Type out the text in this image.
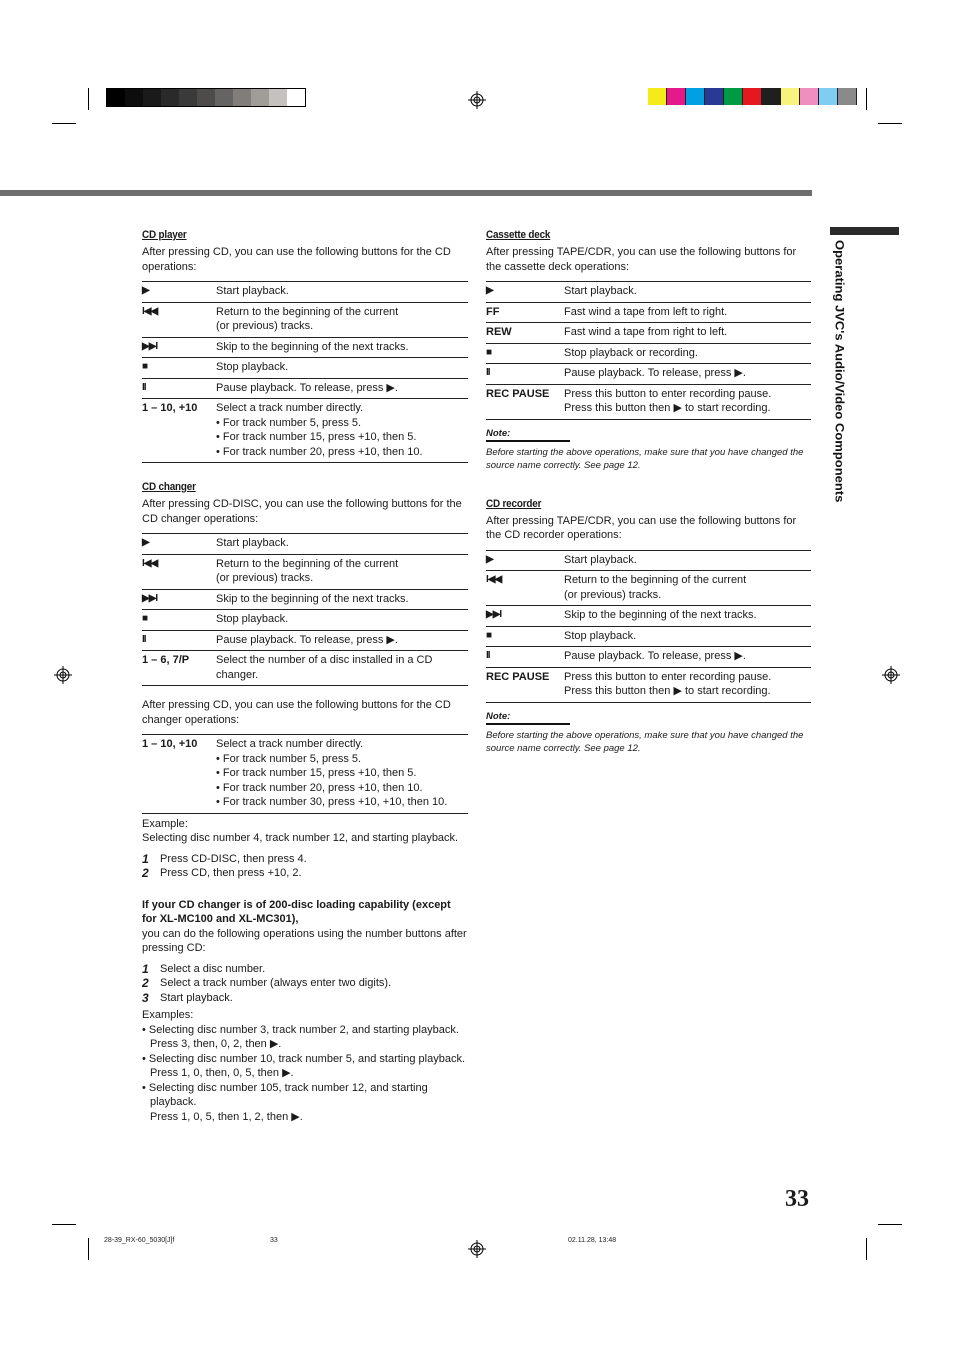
Operating JVC's Audio/Video Components
CD player

After pressing CD, you can use the following buttons for the CD operations:

▶	Start playback.

I◀◀	Return to the beginning of the current
(or previous) tracks.

▶▶I	Skip to the beginning of the next tracks.

■	Stop playback.

II	Pause playback. To release, press ▶.

1 – 10, +10	Select a track number directly.
• For track number 5, press 5.
• For track number 15, press +10, then 5.
• For track number 20, press +10, then 10.
CD changer

After pressing CD-DISC, you can use the following buttons for the CD changer operations:

▶	Start playback.

I◀◀	Return to the beginning of the current
(or previous) tracks.

▶▶I	Skip to the beginning of the next tracks.

■	Stop playback.

II	Pause playback. To release, press ▶.

1 – 6, 7/P	Select the number of a disc installed in a CD changer.

After pressing CD, you can use the following buttons for the CD changer operations:

1 – 10, +10	Select a track number directly.
• For track number 5, press 5.
• For track number 15, press +10, then 5.
• For track number 20, press +10, then 10.
• For track number 30, press +10, +10, then 10.

Example:

Selecting disc number 4, track number 12, and starting playback.

1	Press CD-DISC, then press 4.
2	Press CD, then press +10, 2.

If your CD changer is of 200-disc loading capability (except for XL-MC100 and XL-MC301),

you can do the following operations using the number buttons after pressing CD:

1	Select a disc number.
2	Select a track number (always enter two digits).
3	Start playback.

Examples:

• Selecting disc number 3, track number 2, and starting playback.
Press 3, then, 0, 2, then ▶.
• Selecting disc number 10, track number 5, and starting playback.
Press 1, 0, then, 0, 5, then ▶.
• Selecting disc number 105, track number 12, and starting playback.
Press 1, 0, 5, then 1, 2, then ▶.
Cassette deck

After pressing TAPE/CDR, you can use the following buttons for the cassette deck operations:

▶	Start playback.

FF	Fast wind a tape from left to right.

REW	Fast wind a tape from right to left.

■	Stop playback or recording.

II	Pause playback. To release, press ▶.

REC PAUSE	Press this button to enter recording pause.
Press this button then ▶ to start recording.
Note:
Before starting the above operations, make sure that you have changed the source name correctly. See page 12.
CD recorder

After pressing TAPE/CDR, you can use the following buttons for the CD recorder operations:

▶	Start playback.

I◀◀	Return to the beginning of the current
(or previous) tracks.

▶▶I	Skip to the beginning of the next tracks.

■	Stop playback.

II	Pause playback. To release, press ▶.

REC PAUSE	Press this button to enter recording pause.
Press this button then ▶ to start recording.
Note:
Before starting the above operations, make sure that you have changed the source name correctly. See page 12.
33
28-39_RX-60_5030[J]f	33	02.11.28, 13:48
